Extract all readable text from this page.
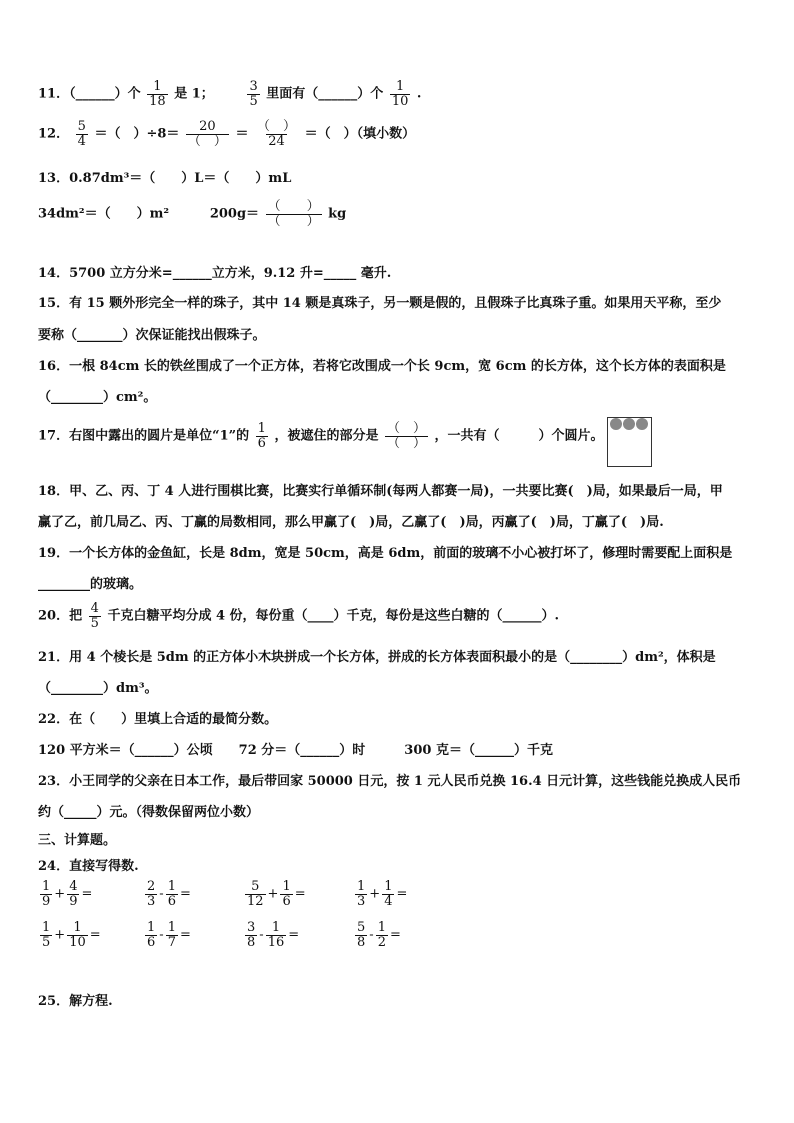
11．（______）个 $\frac{1}{18}$ 是 1；	$\frac{3}{5}$ 里面有（______）个 $\frac{1}{10}$ .
12． $\frac{5}{4}$ ＝（　）$\div 8= \frac{20}{( )} = \frac{( )}{24}$ ＝（　）（填小数）
13．0.87dm³＝（　　）L＝（　　）mL
34dm²＝（　　）m²	$200g= \frac{( )}{( )}$ kg
14．5700 立方分米=______立方米，9.12 升=_____ 毫升.
15．有 15 颗外形完全一样的珠子，其中 14 颗是真珠子，另一颗是假的，且假珠子比真珠子重。如果用天平称，至少
要称（_______）次保证能找出假珠子。
16．一根 84cm 长的铁丝围成了一个正方体，若将它改围成一个长 9cm，宽 6cm 的长方体，这个长方体的表面积是
（________）cm²。
17．右图中露出的圆片是单位“1”的 $\frac{1}{6}$ ，被遮住的部分是 $\frac{( )}{( )}$ ，一共有（　　　）个圆片。
18．甲、乙、丙、丁 4 人进行围棋比赛，比赛实行单循环制(每两人都赛一局)，一共要比赛(　)局，如果最后一局，甲
赢了乙，前几局乙、丙、丁赢的局数相同，那么甲赢了(　)局，乙赢了(　)局，丙赢了(　)局，丁赢了(　)局.
19．一个长方体的金鱼缸，长是 8dm，宽是 50cm，高是 6dm，前面的玻璃不小心被打坏了，修理时需要配上面积是
________的玻璃。
20．把 $\frac{4}{5}$ 千克白糖平均分成 4 份，每份重（____）千克，每份是这些白糖的（______）.
21．用 4 个棱长是 5dm 的正方体小木块拼成一个长方体，拼成的长方体表面积最小的是（________）dm²，体积是
（________）dm³。
22．在（　　）里填上合适的最简分数。
120 平方米＝（______）公顷　　72 分＝（______）时　　　300 克＝（______）千克
23．小王同学的父亲在日本工作，最后带回家 50000 日元，按 1 元人民币兑换 16.4 日元计算，这些钱能兑换成人民币
约（_____）元。（得数保留两位小数）
三、计算题。
24．直接写得数.
$\frac{1}{9} + \frac{4}{9}$ =	$\frac{2}{3} - \frac{1}{6}$ =	$\frac{5}{12} + \frac{1}{6}$ =	$\frac{1}{3} + \frac{1}{4}$ =
$\frac{1}{5} + \frac{1}{10}$ =	$\frac{1}{6} - \frac{1}{7}$ =	$\frac{3}{8} - \frac{1}{16}$ =	$\frac{5}{8} - \frac{1}{2}$ =
25．解方程.
